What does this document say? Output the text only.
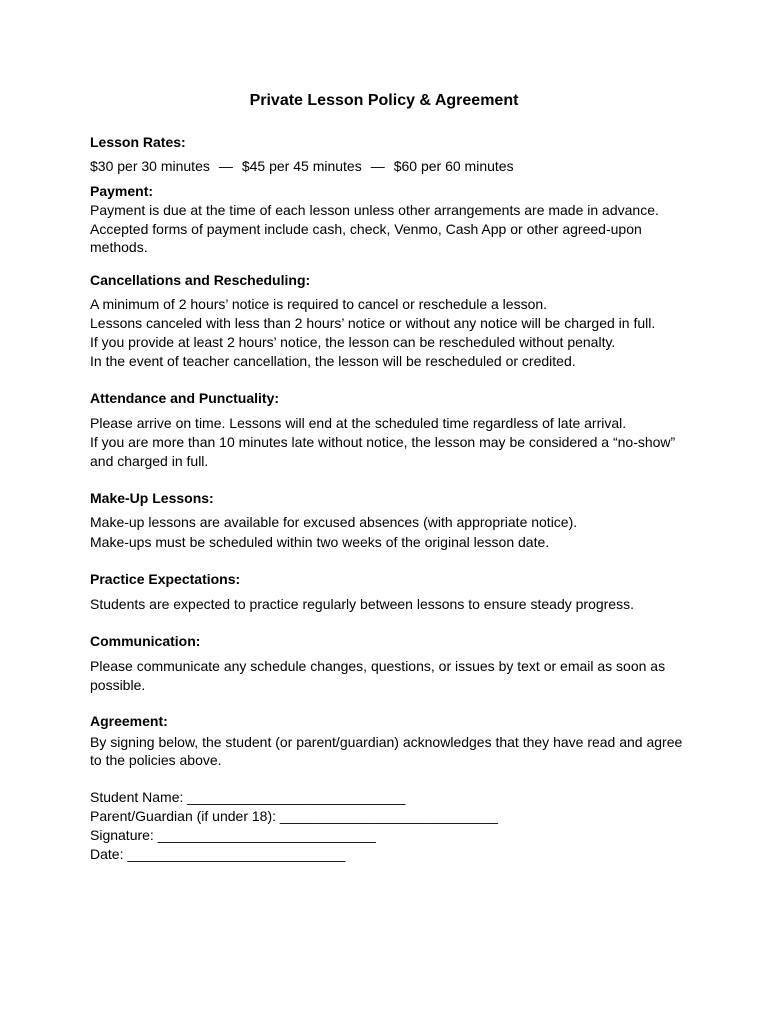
Private Lesson Policy & Agreement

Lesson Rates:

$30 per 30 minutes — $45 per 45 minutes — $60 per 60 minutes

Payment:

Payment is due at the time of each lesson unless other arrangements are made in advance.

Accepted forms of payment include cash, check, Venmo, Cash App or other agreed-upon

methods.

Cancellations and Rescheduling:

A minimum of 2 hours’ notice is required to cancel or reschedule a lesson.

Lessons canceled with less than 2 hours’ notice or without any notice will be charged in full.

If you provide at least 2 hours’ notice, the lesson can be rescheduled without penalty.

In the event of teacher cancellation, the lesson will be rescheduled or credited.

Attendance and Punctuality:

Please arrive on time. Lessons will end at the scheduled time regardless of late arrival.

If you are more than 10 minutes late without notice, the lesson may be considered a “no-show”

and charged in full.

Make-Up Lessons:

Make-up lessons are available for excused absences (with appropriate notice).

Make-ups must be scheduled within two weeks of the original lesson date.

Practice Expectations:

Students are expected to practice regularly between lessons to ensure steady progress.

Communication:

Please communicate any schedule changes, questions, or issues by text or email as soon as

possible.

Agreement:

By signing below, the student (or parent/guardian) acknowledges that they have read and agree

to the policies above.

Student Name: ____________________________

Parent/Guardian (if under 18): ____________________________

Signature: ____________________________

Date: ____________________________
